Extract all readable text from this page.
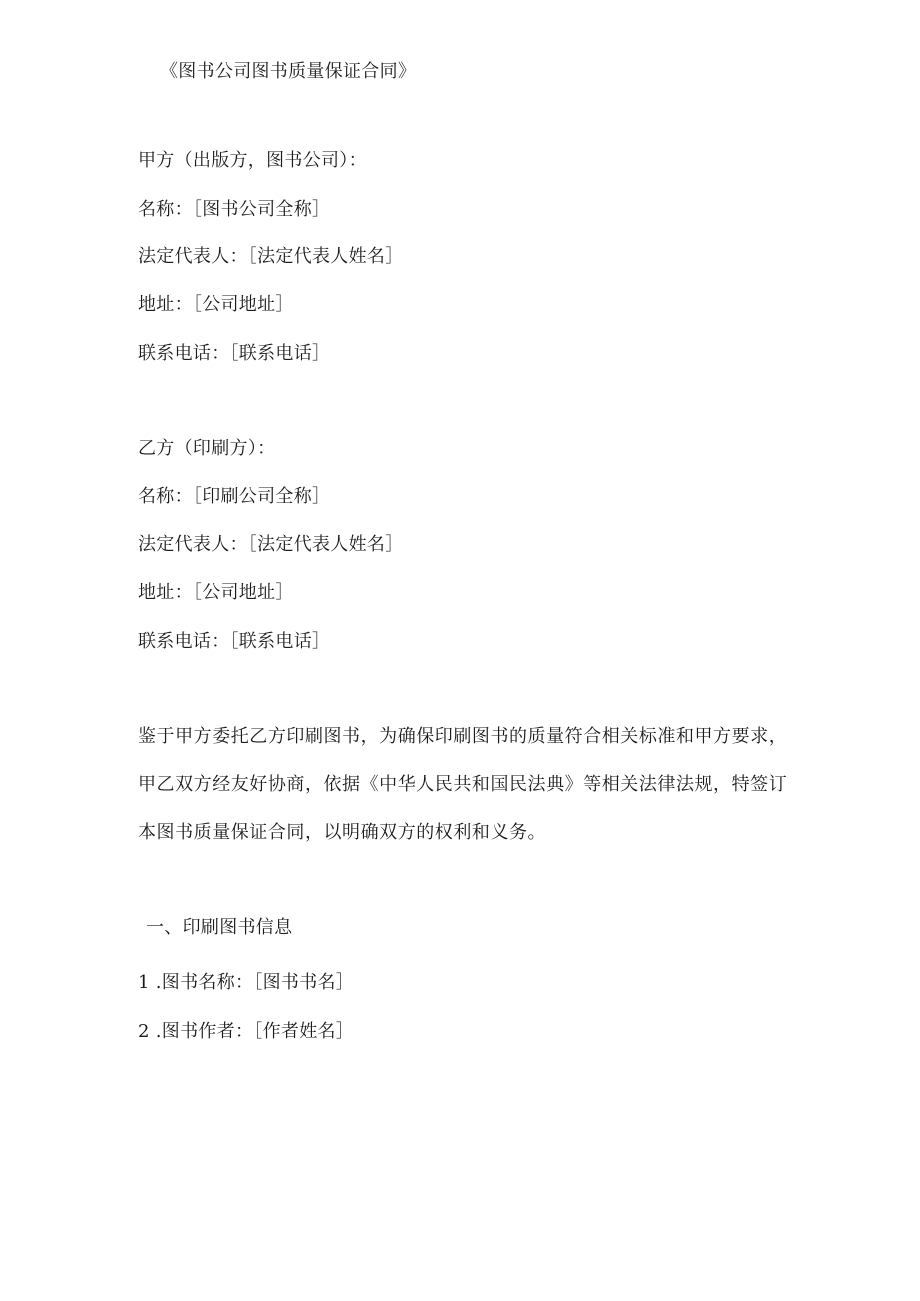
《图书公司图书质量保证合同》
甲方（出版方，图书公司）：
名称：［图书公司全称］
法定代表人：［法定代表人姓名］
地址：［公司地址］
联系电话：［联系电话］
乙方（印刷方）：
名称：［印刷公司全称］
法定代表人：［法定代表人姓名］
地址：［公司地址］
联系电话：［联系电话］
鉴于甲方委托乙方印刷图书，为确保印刷图书的质量符合相关标准和甲方要求，
甲乙双方经友好协商，依据《中华人民共和国民法典》等相关法律法规，特签订
本图书质量保证合同，以明确双方的权利和义务。
一、印刷图书信息
1 .图书名称：［图书书名］
2 .图书作者：［作者姓名］
